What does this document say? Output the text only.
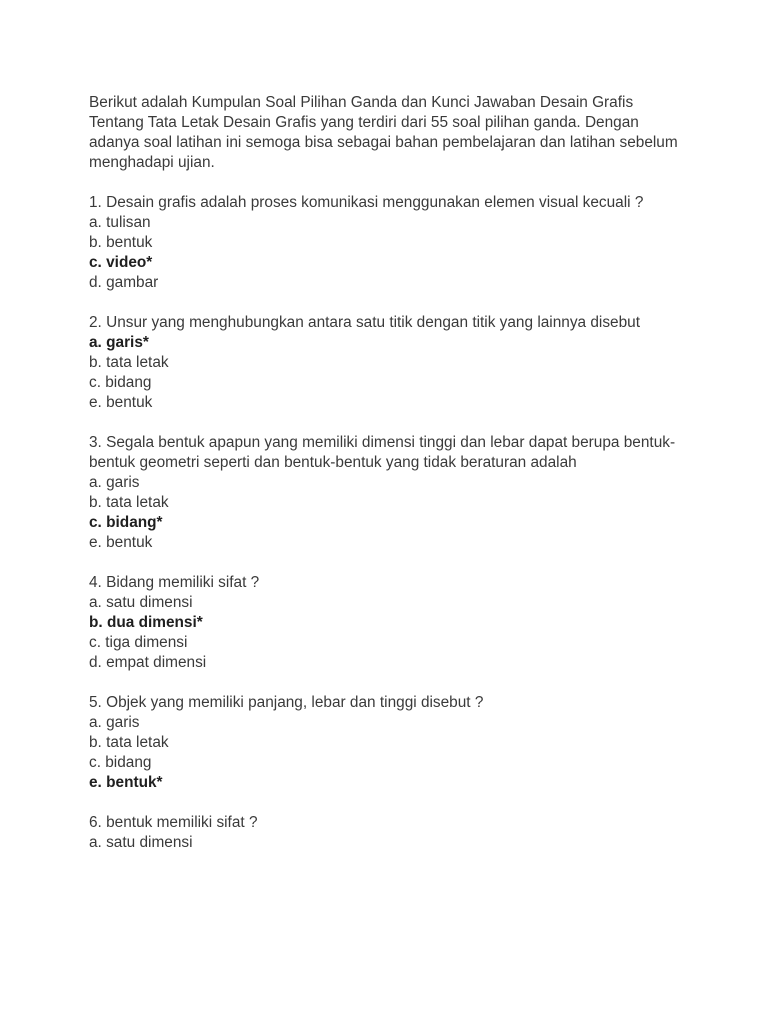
Berikut adalah Kumpulan Soal Pilihan Ganda dan Kunci Jawaban Desain Grafis Tentang Tata Letak Desain Grafis yang terdiri dari 55 soal pilihan ganda. Dengan adanya soal latihan ini semoga bisa sebagai bahan pembelajaran dan latihan sebelum menghadapi ujian.

1. Desain grafis adalah proses komunikasi menggunakan elemen visual kecuali ?
a. tulisan
b. bentuk
c. video*
d. gambar
2. Unsur yang menghubungkan antara satu titik dengan titik yang lainnya disebut
a. garis*
b. tata letak
c. bidang
e. bentuk
3. Segala bentuk apapun yang memiliki dimensi tinggi dan lebar dapat berupa bentuk-bentuk geometri seperti dan bentuk-bentuk yang tidak beraturan adalah
a. garis
b. tata letak
c. bidang*
e. bentuk
4. Bidang memiliki sifat ?
a. satu dimensi
b. dua dimensi*
c. tiga dimensi
d. empat dimensi
5. Objek yang memiliki panjang, lebar dan tinggi disebut ?
a. garis
b. tata letak
c. bidang
e. bentuk*
6. bentuk memiliki sifat ?
a. satu dimensi
